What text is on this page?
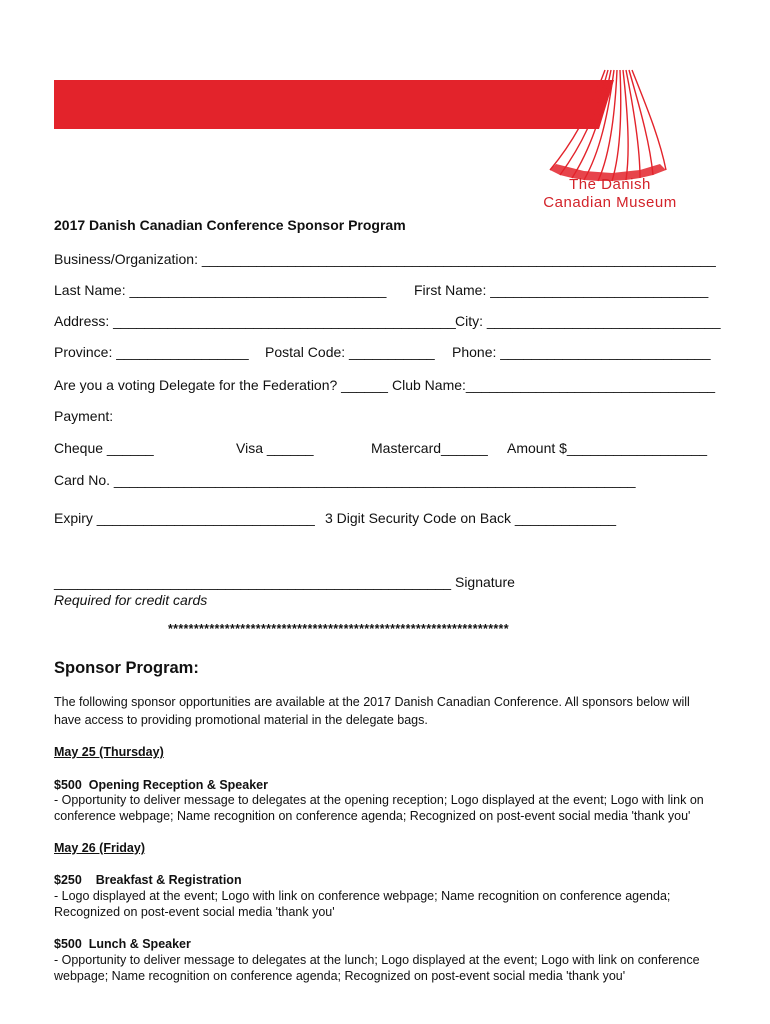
The Danish
Canadian Museum
2017 Danish Canadian Conference Sponsor Program
Business/Organization: __________________________________________________________________
Last Name: _________________________________ First Name: ____________________________
Address: ____________________________________________ City: ______________________________
Province: _________________ Postal Code: ___________ Phone: ___________________________
Are you a voting Delegate for the Federation? ______ Club Name:________________________________
Payment:
Cheque ______	Visa ______	Mastercard______ Amount $__________________
Card No. ___________________________________________________________________
Expiry ____________________________ 3 Digit Security Code on Back _____________
___________________________________________________ Signature
Required for credit cards
******************************************************************
Sponsor Program:
The following sponsor opportunities are available at the 2017 Danish Canadian Conference. All sponsors below will have access to providing promotional material in the delegate bags.
May 25 (Thursday)
$500  Opening Reception & Speaker
- Opportunity to deliver message to delegates at the opening reception; Logo displayed at the event; Logo with link on conference webpage; Name recognition on conference agenda; Recognized on post-event social media 'thank you'
May 26 (Friday)
$250    Breakfast & Registration
- Logo displayed at the event; Logo with link on conference webpage; Name recognition on conference agenda; Recognized on post-event social media 'thank you'
$500  Lunch & Speaker
- Opportunity to deliver message to delegates at the lunch; Logo displayed at the event; Logo with link on conference webpage; Name recognition on conference agenda; Recognized on post-event social media 'thank you'
